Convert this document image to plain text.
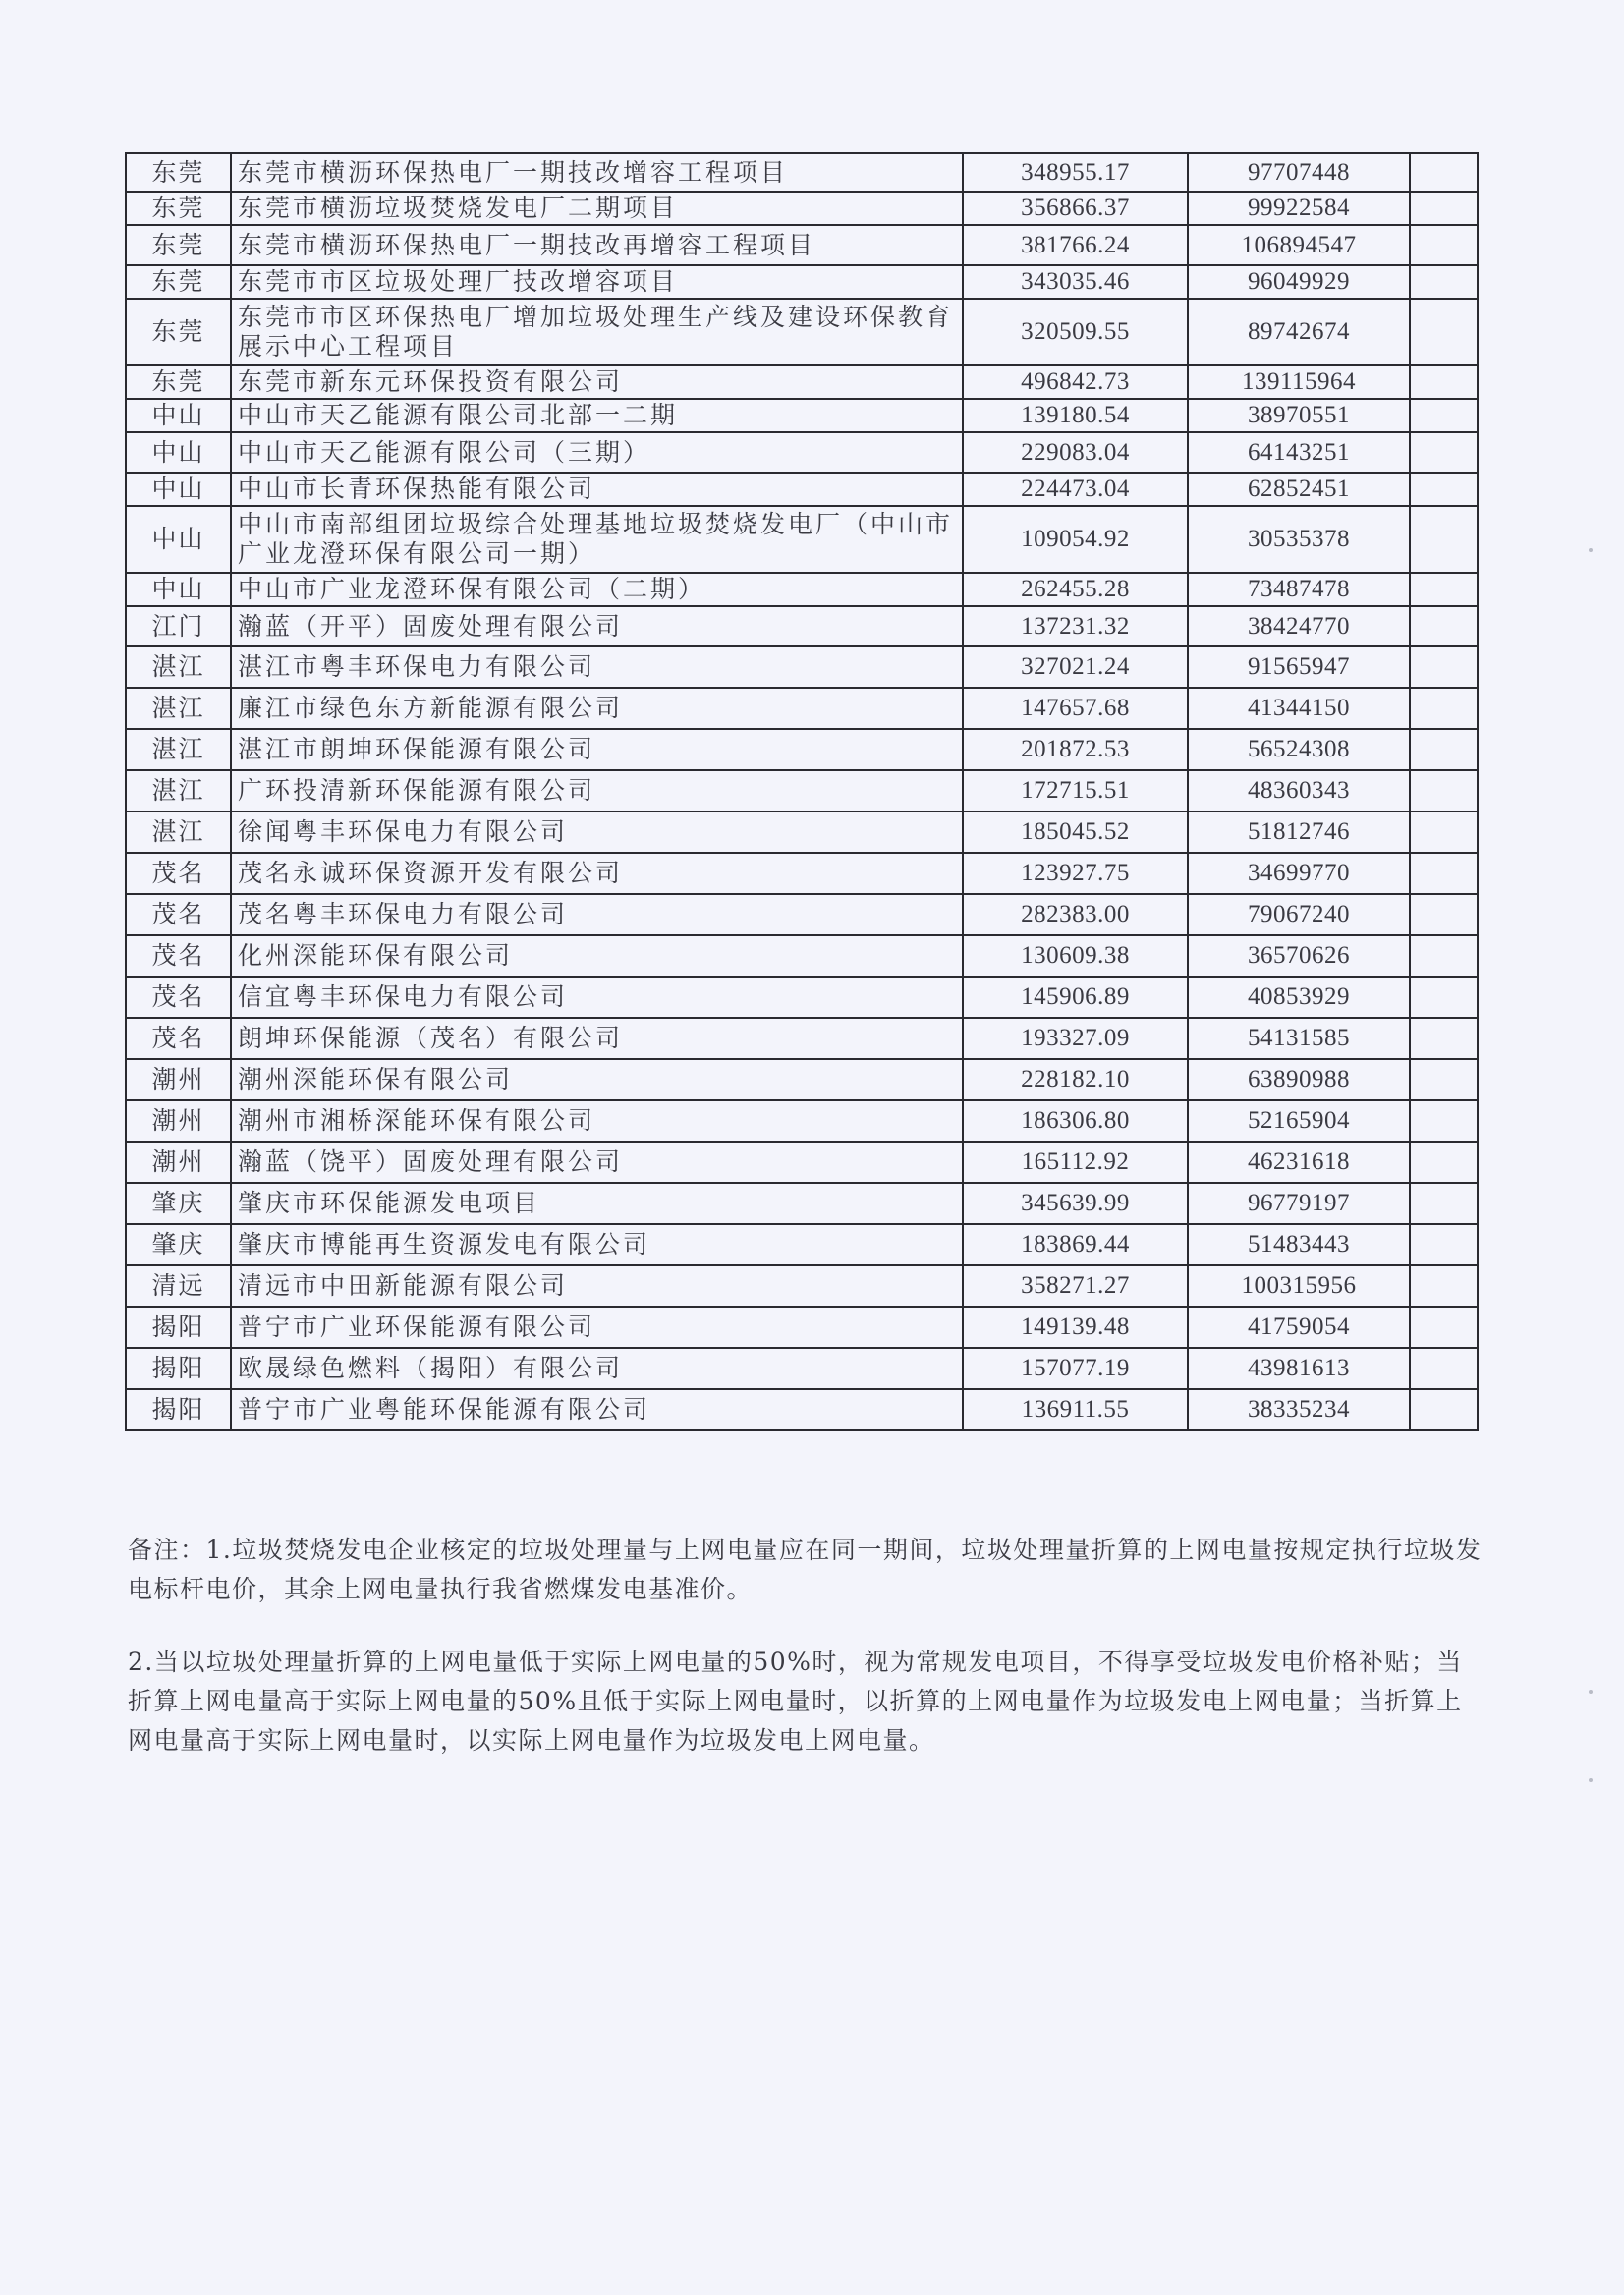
东莞	东莞市横沥环保热电厂一期技改增容工程项目	348955.17	97707448	
东莞	东莞市横沥垃圾焚烧发电厂二期项目	356866.37	99922584	
东莞	东莞市横沥环保热电厂一期技改再增容工程项目	381766.24	106894547	
东莞	东莞市市区垃圾处理厂技改增容项目	343035.46	96049929	
东莞	东莞市市区环保热电厂增加垃圾处理生产线及建设环保教育展示中心工程项目	320509.55	89742674	
东莞	东莞市新东元环保投资有限公司	496842.73	139115964	
中山	中山市天乙能源有限公司北部一二期	139180.54	38970551	
中山	中山市天乙能源有限公司（三期）	229083.04	64143251	
中山	中山市长青环保热能有限公司	224473.04	62852451	
中山	中山市南部组团垃圾综合处理基地垃圾焚烧发电厂（中山市广业龙澄环保有限公司一期）	109054.92	30535378	
中山	中山市广业龙澄环保有限公司（二期）	262455.28	73487478	
江门	瀚蓝（开平）固废处理有限公司	137231.32	38424770	
湛江	湛江市粤丰环保电力有限公司	327021.24	91565947	
湛江	廉江市绿色东方新能源有限公司	147657.68	41344150	
湛江	湛江市朗坤环保能源有限公司	201872.53	56524308	
湛江	广环投清新环保能源有限公司	172715.51	48360343	
湛江	徐闻粤丰环保电力有限公司	185045.52	51812746	
茂名	茂名永诚环保资源开发有限公司	123927.75	34699770	
茂名	茂名粤丰环保电力有限公司	282383.00	79067240	
茂名	化州深能环保有限公司	130609.38	36570626	
茂名	信宜粤丰环保电力有限公司	145906.89	40853929	
茂名	朗坤环保能源（茂名）有限公司	193327.09	54131585	
潮州	潮州深能环保有限公司	228182.10	63890988	
潮州	潮州市湘桥深能环保有限公司	186306.80	52165904	
潮州	瀚蓝（饶平）固废处理有限公司	165112.92	46231618	
肇庆	肇庆市环保能源发电项目	345639.99	96779197	
肇庆	肇庆市博能再生资源发电有限公司	183869.44	51483443	
清远	清远市中田新能源有限公司	358271.27	100315956	
揭阳	普宁市广业环保能源有限公司	149139.48	41759054	
揭阳	欧晟绿色燃料（揭阳）有限公司	157077.19	43981613	
揭阳	普宁市广业粤能环保能源有限公司	136911.55	38335234	

备注：1.垃圾焚烧发电企业核定的垃圾处理量与上网电量应在同一期间，垃圾处理量折算的上网电量按规定执行垃圾发电标杆电价，其余上网电量执行我省燃煤发电基准价。

2.当以垃圾处理量折算的上网电量低于实际上网电量的50%时，视为常规发电项目，不得享受垃圾发电价格补贴；当折算上网电量高于实际上网电量的50%且低于实际上网电量时，以折算的上网电量作为垃圾发电上网电量；当折算上网电量高于实际上网电量时，以实际上网电量作为垃圾发电上网电量。
